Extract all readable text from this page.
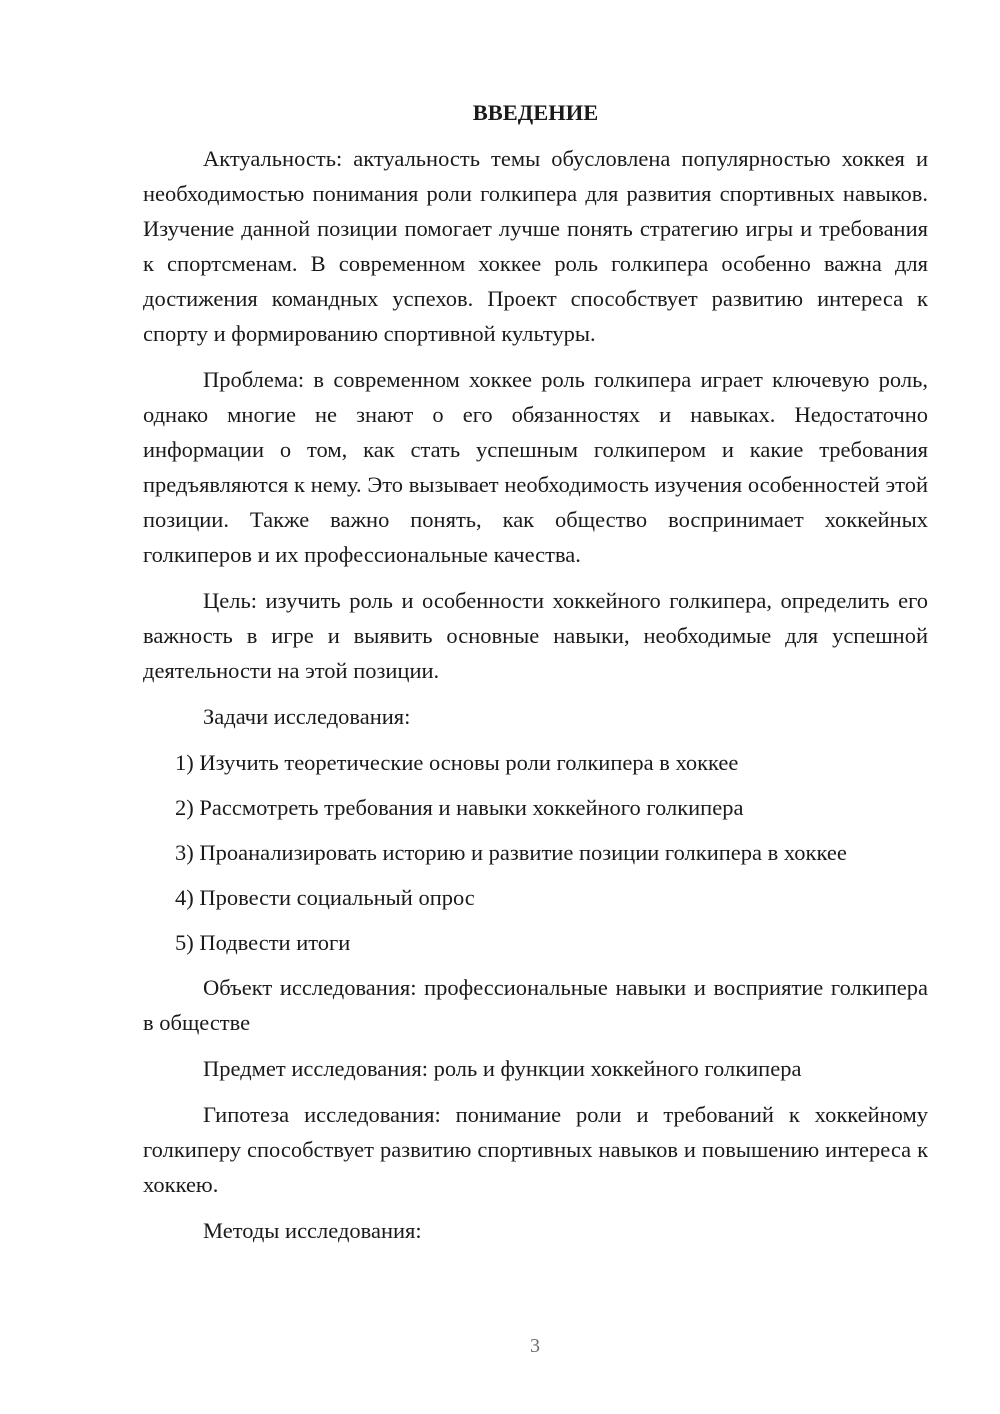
ВВЕДЕНИЕ

Актуальность: актуальность темы обусловлена популярностью хоккея и необходимостью понимания роли голкипера для развития спортивных навыков. Изучение данной позиции помогает лучше понять стратегию игры и требования к спортсменам. В современном хоккее роль голкипера особенно важна для достижения командных успехов. Проект способствует развитию интереса к спорту и формированию спортивной культуры.

Проблема: в современном хоккее роль голкипера играет ключевую роль, однако многие не знают о его обязанностях и навыках. Недостаточно информации о том, как стать успешным голкипером и какие требования предъявляются к нему. Это вызывает необходимость изучения особенностей этой позиции. Также важно понять, как общество воспринимает хоккейных голкиперов и их профессиональные качества.

Цель: изучить роль и особенности хоккейного голкипера, определить его важность в игре и выявить основные навыки, необходимые для успешной деятельности на этой позиции.

Задачи исследования:

1) Изучить теоретические основы роли голкипера в хоккее
2) Рассмотреть требования и навыки хоккейного голкипера
3) Проанализировать историю и развитие позиции голкипера в хоккее
4) Провести социальный опрос
5) Подвести итоги

Объект исследования: профессиональные навыки и восприятие голкипера в обществе

Предмет исследования: роль и функции хоккейного голкипера

Гипотеза исследования: понимание роли и требований к хоккейному голкиперу способствует развитию спортивных навыков и повышению интереса к хоккею.

Методы исследования:

3
